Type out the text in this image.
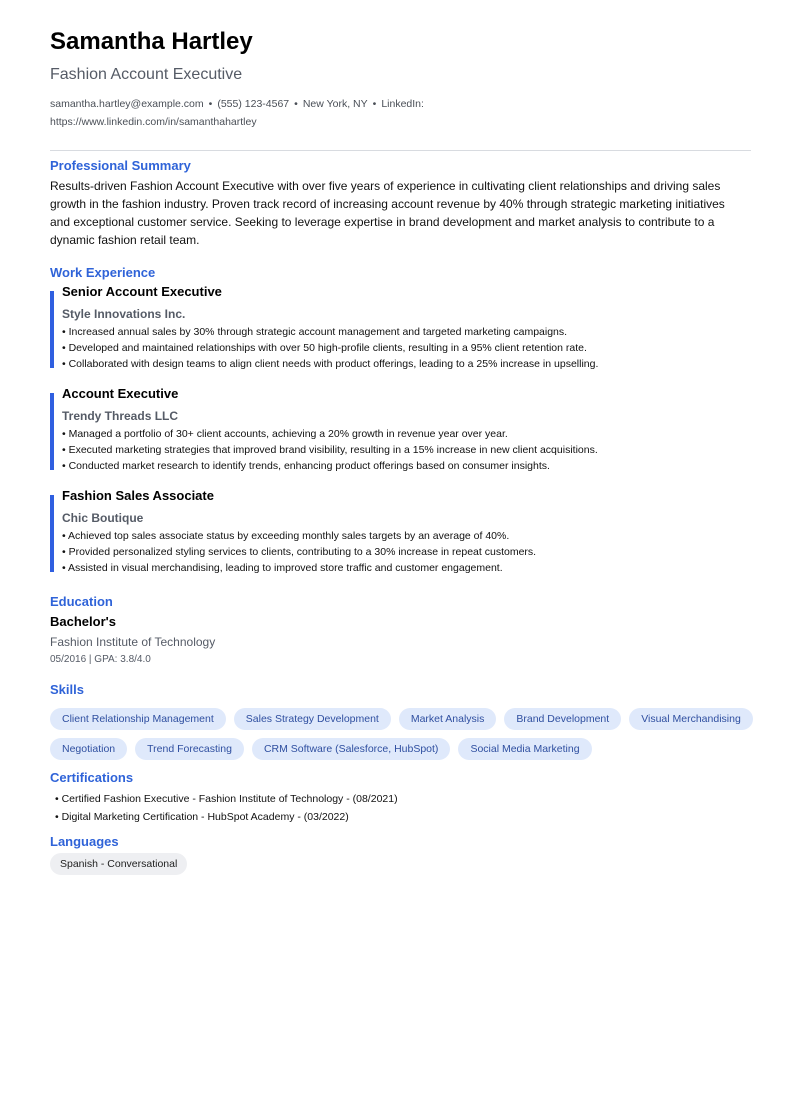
Samantha Hartley
Fashion Account Executive
samantha.hartley@example.com • (555) 123-4567 • New York, NY • LinkedIn:
https://www.linkedin.com/in/samanthahartley
Professional Summary
Results-driven Fashion Account Executive with over five years of experience in cultivating client relationships and driving sales growth in the fashion industry. Proven track record of increasing account revenue by 40% through strategic marketing initiatives and exceptional customer service. Seeking to leverage expertise in brand development and market analysis to contribute to a dynamic fashion retail team.
Work Experience
Senior Account Executive
Style Innovations Inc.
• Increased annual sales by 30% through strategic account management and targeted marketing campaigns.
• Developed and maintained relationships with over 50 high-profile clients, resulting in a 95% client retention rate.
• Collaborated with design teams to align client needs with product offerings, leading to a 25% increase in upselling.
Account Executive
Trendy Threads LLC
• Managed a portfolio of 30+ client accounts, achieving a 20% growth in revenue year over year.
• Executed marketing strategies that improved brand visibility, resulting in a 15% increase in new client acquisitions.
• Conducted market research to identify trends, enhancing product offerings based on consumer insights.
Fashion Sales Associate
Chic Boutique
• Achieved top sales associate status by exceeding monthly sales targets by an average of 40%.
• Provided personalized styling services to clients, contributing to a 30% increase in repeat customers.
• Assisted in visual merchandising, leading to improved store traffic and customer engagement.
Education
Bachelor's
Fashion Institute of Technology
05/2016 | GPA: 3.8/4.0
Skills
Client Relationship Management	Sales Strategy Development	Market Analysis	Brand Development	Visual Merchandising
Negotiation	Trend Forecasting	CRM Software (Salesforce, HubSpot)	Social Media Marketing
Certifications
• Certified Fashion Executive - Fashion Institute of Technology - (08/2021)
• Digital Marketing Certification - HubSpot Academy - (03/2022)
Languages
Spanish - Conversational
